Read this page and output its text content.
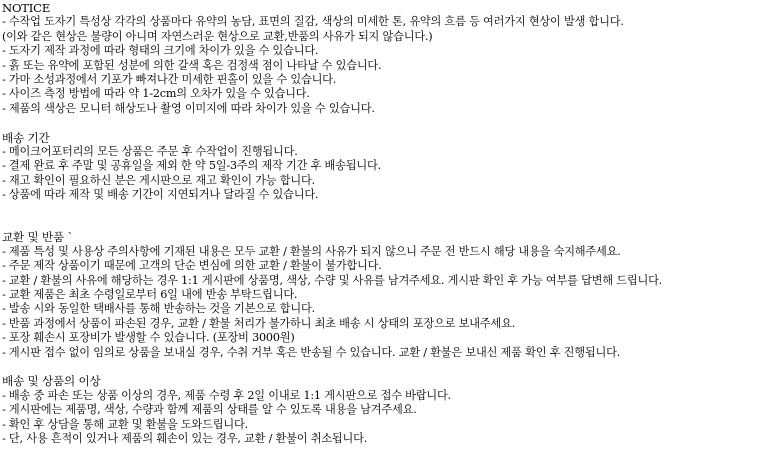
NOTICE
- 수작업 도자기 특성상 각각의 상품마다 유약의 농담, 표면의 질감, 색상의 미세한 톤, 유약의 흐름 등 여러가지 현상이 발생 합니다.
(이와 같은 현상은 불량이 아니며 자연스러운 현상으로 교환,반품의 사유가 되지 않습니다.)
- 도자기 제작 과정에 따라 형태의 크기에 차이가 있을 수 있습니다.
- 흙 또는 유약에 포함된 성분에 의한 갈색 혹은 검정색 점이 나타날 수 있습니다.
- 가마 소성과정에서 기포가 빠져나간 미세한 핀홀이 있을 수 있습니다.
- 사이즈 측정 방법에 따라 약 1-2cm의 오차가 있을 수 있습니다.
- 제품의 색상은 모니터 해상도나 촬영 이미지에 따라 차이가 있을 수 있습니다.
배송 기간
- 메이크어포터리의 모든 상품은 주문 후 수작업이 진행됩니다.
- 결제 완료 후 주말 및 공휴일을 제외 한 약 5일-3주의 제작 기간 후 배송됩니다.
- 재고 확인이 필요하신 분은 게시판으로 재고 확인이 가능 합니다.
- 상품에 따라 제작 및 배송 기간이 지연되거나 달라질 수 있습니다.
교환 및 반품 `
- 제품 특성 및 사용상 주의사항에 기재된 내용은 모두 교환 / 환불의 사유가 되지 않으니 주문 전 반드시 해당 내용을 숙지해주세요.
- 주문 제작 상품이기 때문에 고객의 단순 변심에 의한 교환 / 환불이 불가합니다.
- 교환 / 환불의 사유에 해당하는 경우 1:1 게시판에 상품명, 색상, 수량 및 사유를 남겨주세요. 게시판 확인 후 가능 여부를 답변해 드립니다.
- 교환 제품은 최초 수령일로부터 6일 내에 반송 부탁드립니다.
- 발송 시와 동일한 택배사를 통해 반송하는 것을 기본으로 합니다.
- 반품 과정에서 상품이 파손된 경우, 교환 / 환불 처리가 불가하니 최초 배송 시 상태의 포장으로 보내주세요.
- 포장 훼손시 포장비가 발생할 수 있습니다. (포장비 3000원)
- 게시판 접수 없이 임의로 상품을 보내실 경우, 수취 거부 혹은 반송될 수 있습니다. 교환 / 환불은 보내신 제품 확인 후 진행됩니다.
배송 및 상품의 이상
- 배송 중 파손 또는 상품 이상의 경우, 제품 수령 후 2일 이내로 1:1 게시판으로 접수 바랍니다.
- 게시판에는 제품명, 색상, 수량과 함께 제품의 상태를 알 수 있도록 내용을 남겨주세요.
- 확인 후 상담을 통해 교환 및 환불을 도와드립니다.
- 단, 사용 흔적이 있거나 제품의 훼손이 있는 경우, 교환 / 환불이 취소됩니다.
